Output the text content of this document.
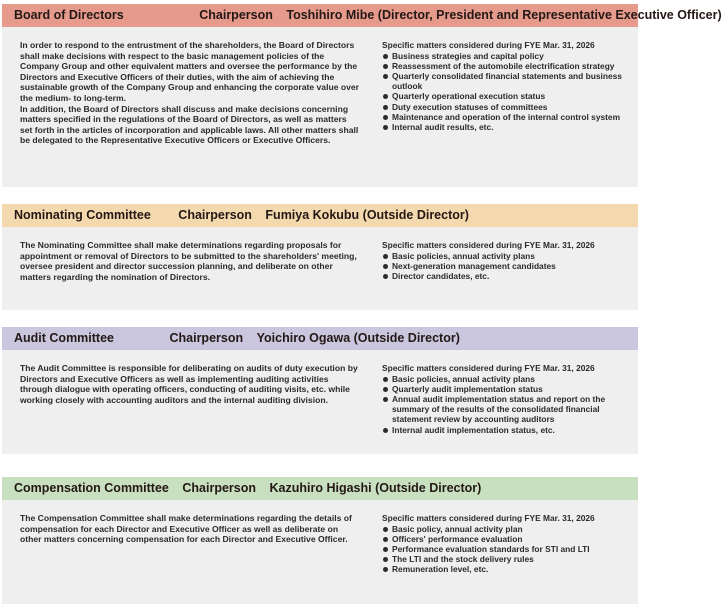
Board of Directors	Chairperson Toshihiro Mibe (Director, President and Representative Executive Officer)

In order to respond to the entrustment of the shareholders, the Board of Directors shall make decisions with respect to the basic management policies of the Company Group and other equivalent matters and oversee the performance by the Directors and Executive Officers of their duties, with the aim of achieving the sustainable growth of the Company Group and enhancing the corporate value over the medium- to long-term.

In addition, the Board of Directors shall discuss and make decisions concerning matters specified in the regulations of the Board of Directors, as well as matters set forth in the articles of incorporation and applicable laws. All other matters shall be delegated to the Representative Executive Officers or Executive Officers.

Specific matters considered during FYE Mar. 31, 2026

Business strategies and capital policy
Reassessment of the automobile electrification strategy
Quarterly consolidated financial statements and business outlook
Quarterly operational execution status
Duty execution statuses of committees
Maintenance and operation of the internal control system
Internal audit results, etc.
Nominating Committee Chairperson Fumiya Kokubu (Outside Director)

The Nominating Committee shall make determinations regarding proposals for appointment or removal of Directors to be submitted to the shareholders' meeting, oversee president and director succession planning, and deliberate on other matters regarding the nomination of Directors.

Specific matters considered during FYE Mar. 31, 2026

Basic policies, annual activity plans
Next-generation management candidates
Director candidates, etc.
Audit Committee	Chairperson Yoichiro Ogawa (Outside Director)

The Audit Committee is responsible for deliberating on audits of duty execution by Directors and Executive Officers as well as implementing auditing activities through dialogue with operating officers, conducting of auditing visits, etc. while working closely with accounting auditors and the internal auditing division.

Specific matters considered during FYE Mar. 31, 2026

Basic policies, annual activity plans
Quarterly audit implementation status
Annual audit implementation status and report on the summary of the results of the consolidated financial statement review by accounting auditors
Internal audit implementation status, etc.
Compensation Committee Chairperson Kazuhiro Higashi (Outside Director)

The Compensation Committee shall make determinations regarding the details of compensation for each Director and Executive Officer as well as deliberate on other matters concerning compensation for each Director and Executive Officer.

Specific matters considered during FYE Mar. 31, 2026

Basic policy, annual activity plan
Officers' performance evaluation
Performance evaluation standards for STI and LTI
The LTI and the stock delivery rules
Remuneration level, etc.
